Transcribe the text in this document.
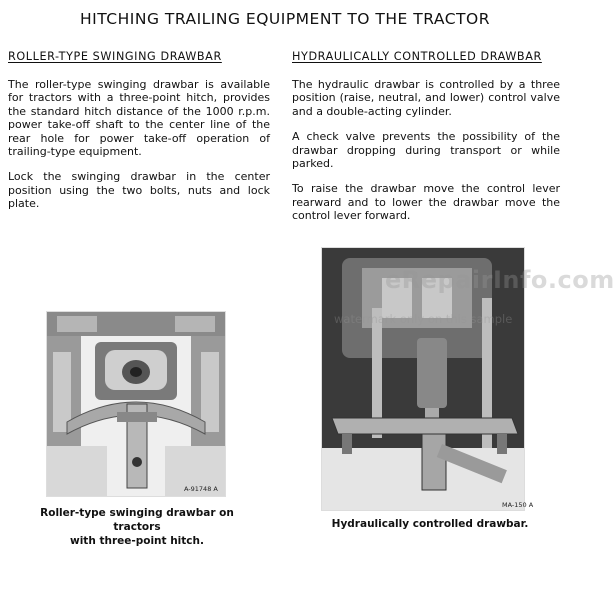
HITCHING TRAILING EQUIPMENT TO THE TRACTOR
ROLLER-TYPE SWINGING DRAWBAR

The roller-type swinging drawbar is available for tractors with a three-point hitch, provides the standard hitch distance of the 1000 r.p.m. power take-off shaft to the center line of the rear hole for power take-off operation of trailing-type equipment.

Lock the swinging drawbar in the center position using the two bolts, nuts and lock plate.

HYDRAULICALLY CONTROLLED DRAWBAR

The hydraulic drawbar is controlled by a three position (raise, neutral, and lower) control valve and a double-acting cylinder.

A check valve prevents the possibility of the drawbar dropping during transport or while parked.

To raise the drawbar move the control lever rearward and to lower the drawbar move the control lever forward.

A-91748 A
MA-150 A
eRepairInfo.com
watermark only on this sample
Roller-type swinging drawbar on tractors
with three-point hitch.
Hydraulically controlled drawbar.
